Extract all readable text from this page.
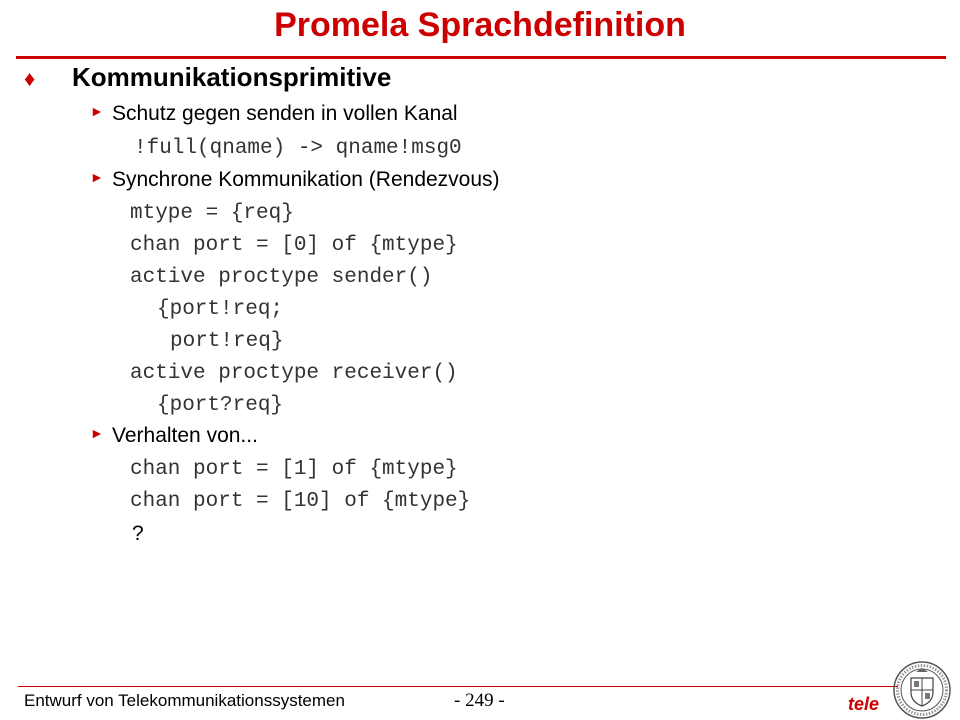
Promela Sprachdefinition
♦ Kommunikationsprimitive
► Schutz gegen senden in vollen Kanal
!full(qname) -> qname!msg0
► Synchrone Kommunikation (Rendezvous)
mtype = {req}
chan port = [0] of {mtype}
active proctype sender()
{port!req;
port!req}
active proctype receiver()
{port?req}
► Verhalten von...
chan port = [1] of {mtype}
chan port = [10] of {mtype}
?
Entwurf von Telekommunikationssystemen	- 249 -	tele
